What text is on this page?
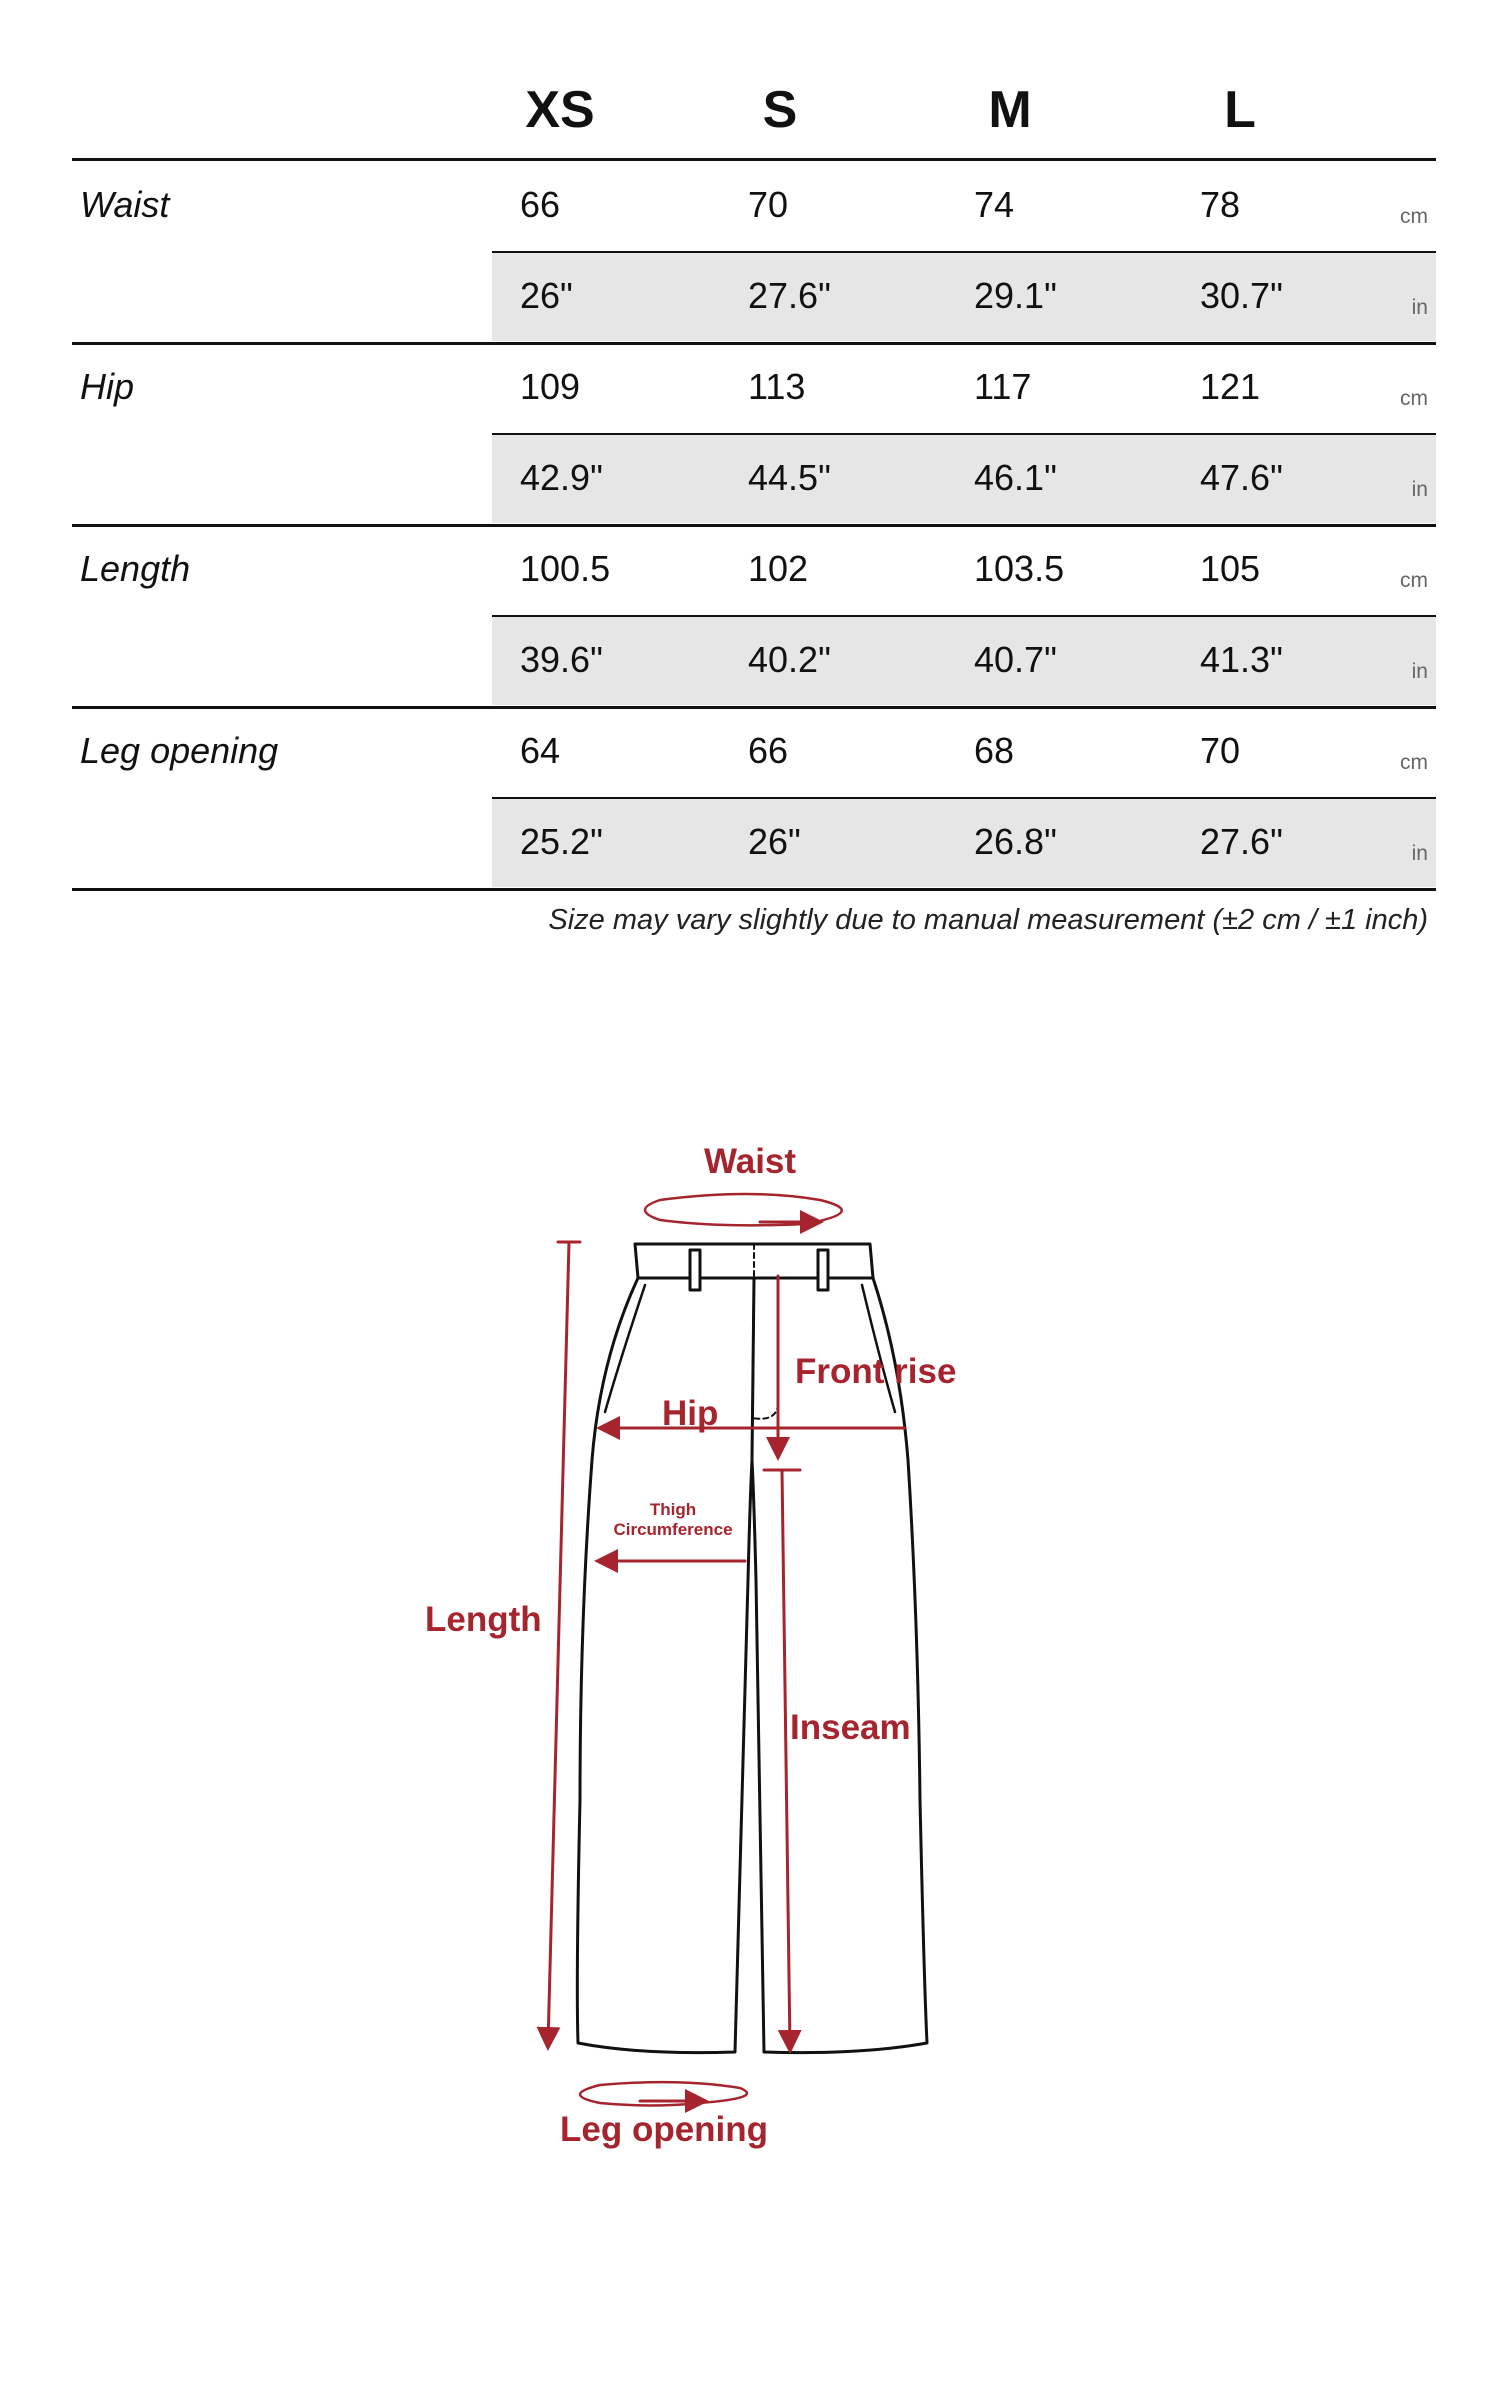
XS	S	M	L
Waist	66	70	74	78	cm
26"	27.6"	29.1"	30.7"	in
Hip	109	113	117	121	cm
42.9"	44.5"	46.1"	47.6"	in
Length	100.5	102	103.5	105	cm
39.6"	40.2"	40.7"	41.3"	in
Leg opening	64	66	68	70	cm
25.2"	26"	26.8"	27.6"	in
Size may vary slightly due to manual measurement (±2 cm / ±1 inch)
Waist
Front rise
Hip
Thigh
Circumference
Length
Inseam
Leg opening
